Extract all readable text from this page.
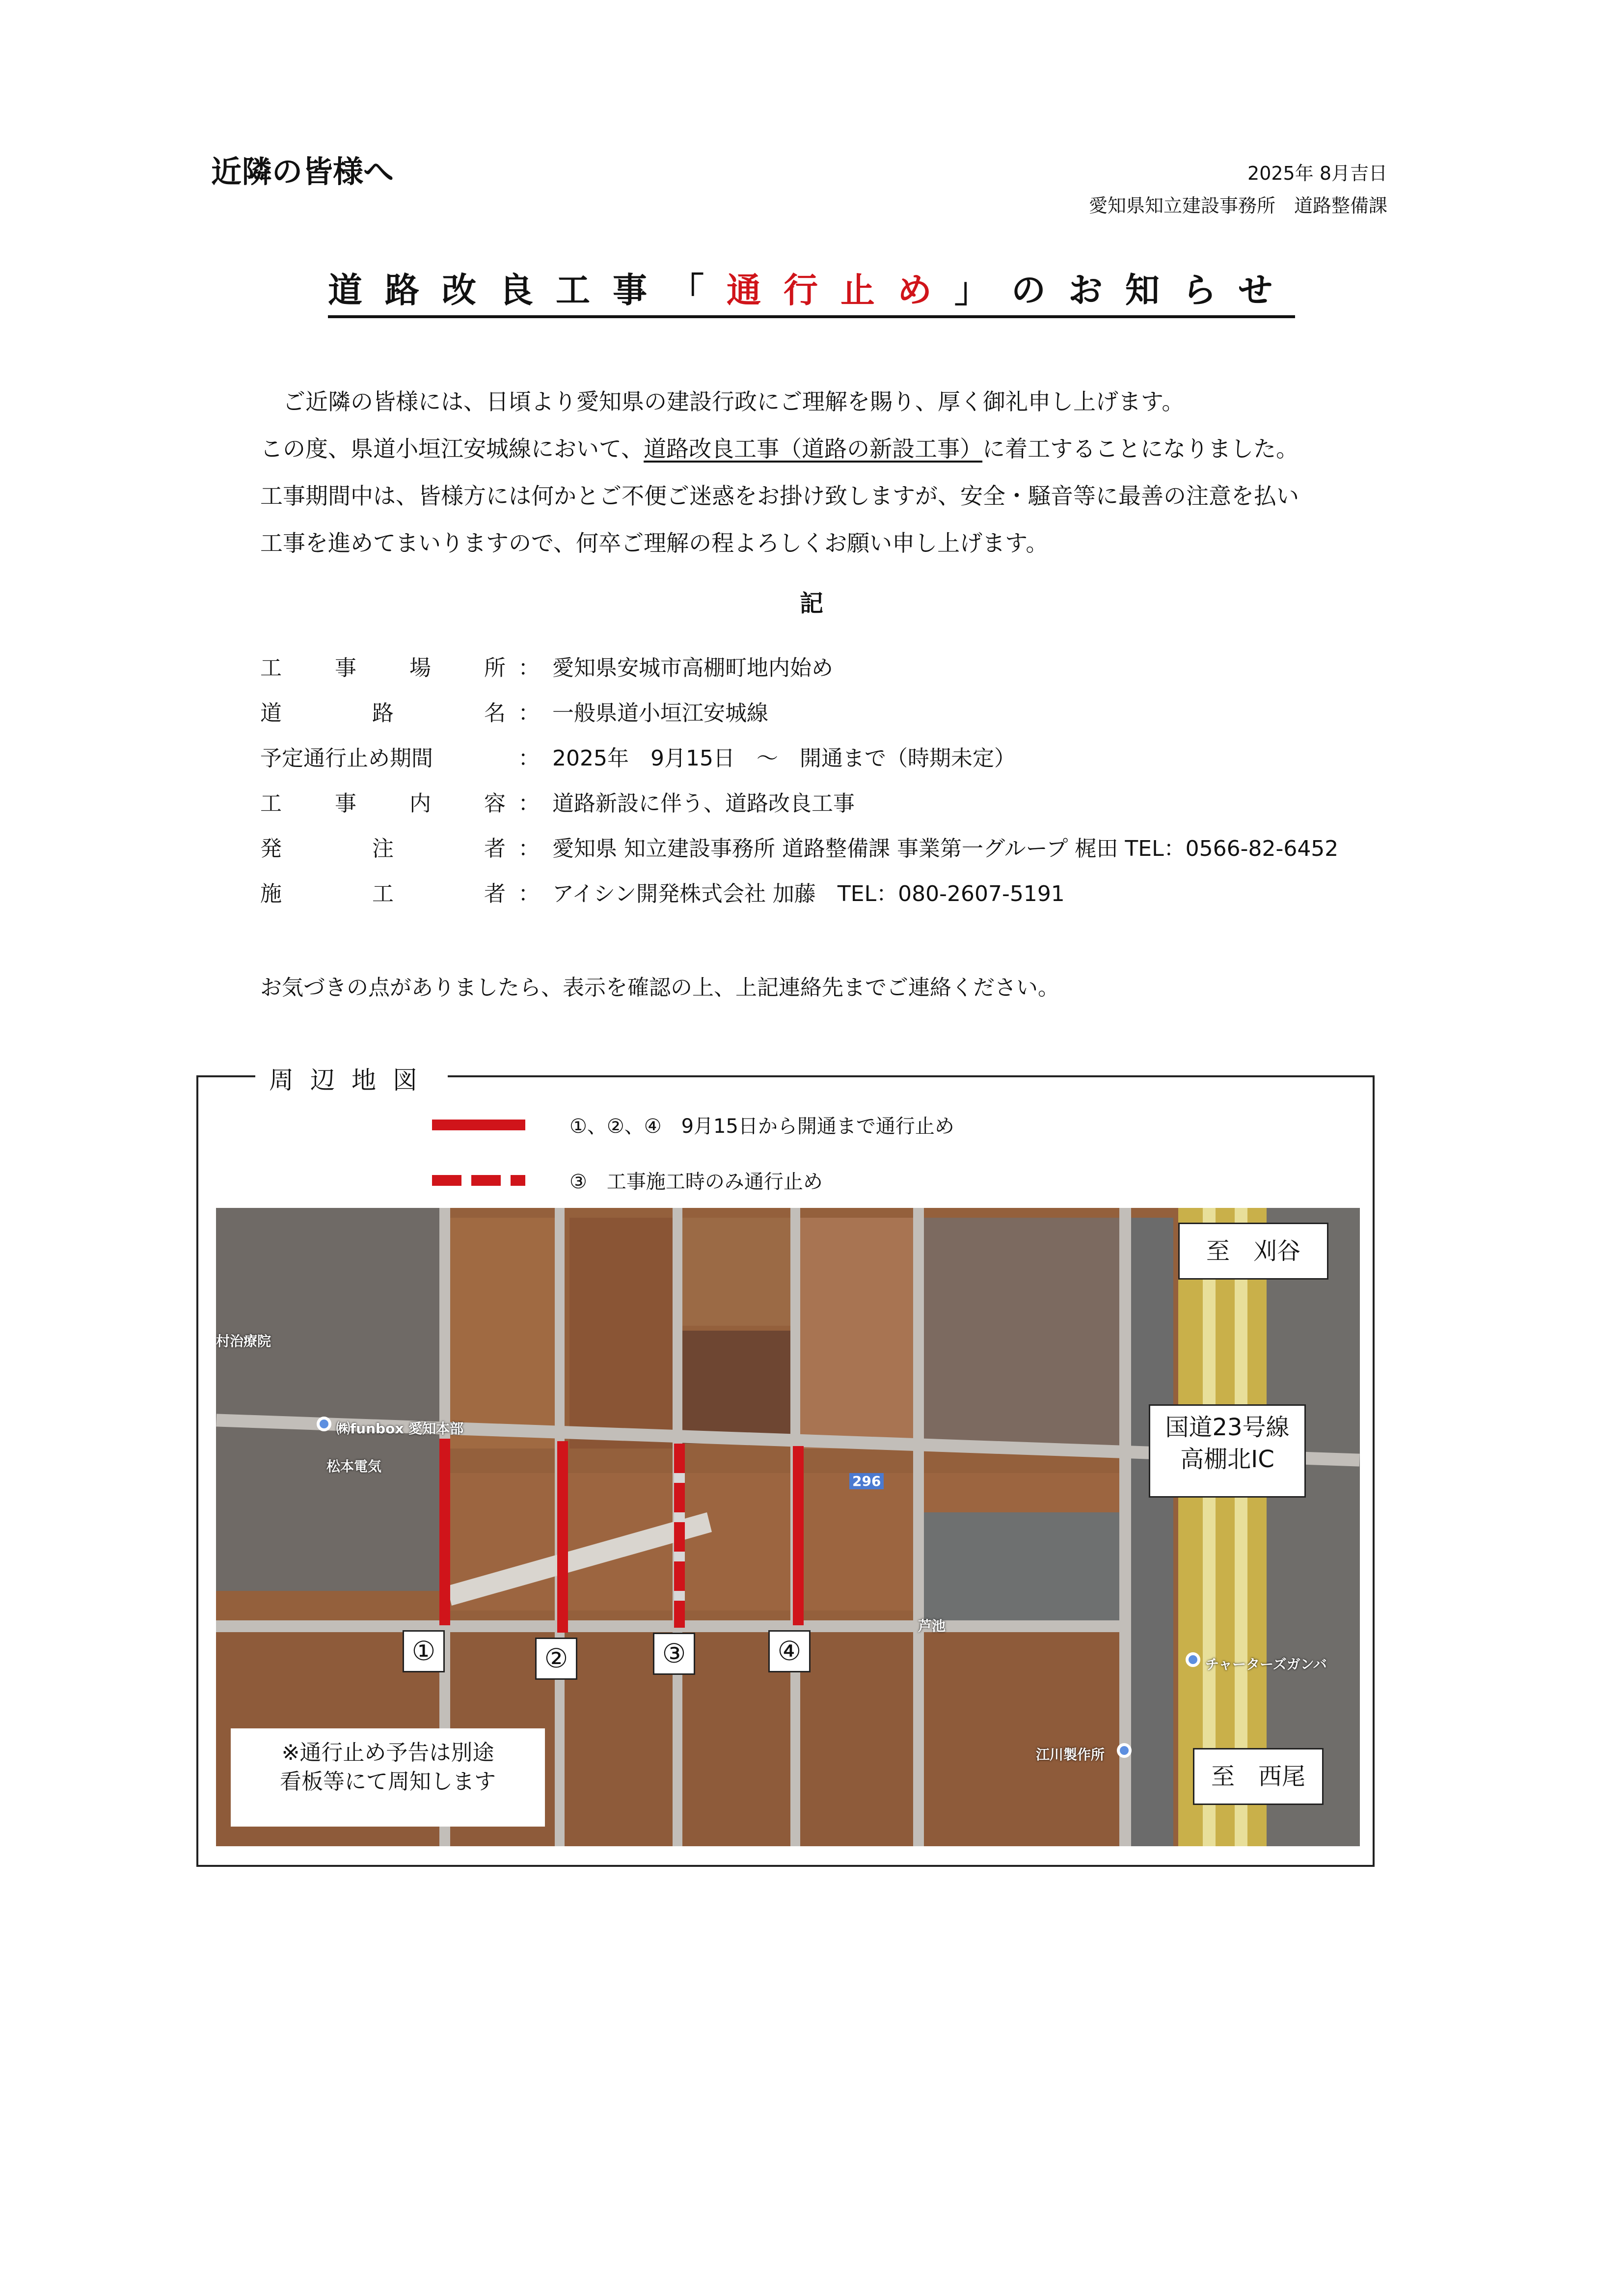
近隣の皆様へ	2025年 8月吉日
愛知県知立建設事務所　道路整備課
道路改良工事「通行止め」のお知らせ

ご近隣の皆様には、日頃より愛知県の建設行政にご理解を賜り、厚く御礼申し上げます。

この度、県道小垣江安城線において、道路改良工事（道路の新設工事）に着工することになりました。

工事期間中は、皆様方には何かとご不便ご迷惑をお掛け致しますが、安全・騒音等に最善の注意を払い

工事を進めてまいりますので、何卒ご理解の程よろしくお願い申し上げます。

記
工 事 場 所 ： 愛知県安城市高棚町地内始め
道	路	名 ： 一般県道小垣江安城線
予定通行止め期間	： 2025年　9月15日　～　開通まで（時期未定）
工 事 内 容 ： 道路新設に伴う、道路改良工事
発	注	者 ： 愛知県 知立建設事務所 道路整備課 事業第一グループ 梶田 TEL：0566-82-6452
施	工	者 ： アイシン開発株式会社 加藤　TEL：080-2607-5191
お気づきの点がありましたら、表示を確認の上、上記連絡先までご連絡ください。
周辺地図
①、②、④　9月15日から開通まで通行止め
③　工事施工時のみ通行止め
村治療院
㈱funbox 愛知本部
松本電気
芦池
チャーターズガンバ
江川製作所
296
至　刈谷
国道23号線
高棚北IC
至　西尾
※通行止め予告は別途
看板等にて周知します
①	②	③	④
